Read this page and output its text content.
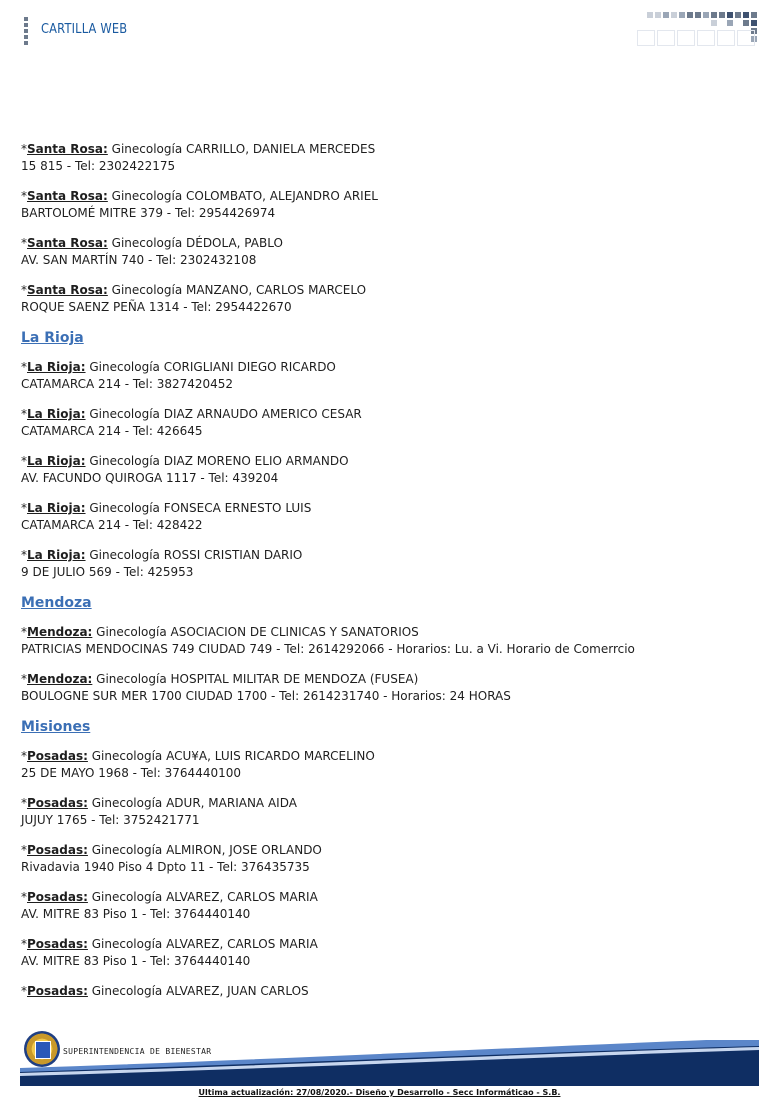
CARTILLA WEB
*Santa Rosa: Ginecología CARRILLO, DANIELA MERCEDES
15 815 - Tel: 2302422175
*Santa Rosa: Ginecología COLOMBATO, ALEJANDRO ARIEL
BARTOLOMÉ MITRE 379 - Tel: 2954426974
*Santa Rosa: Ginecología DÉDOLA, PABLO
AV. SAN MARTÍN 740 - Tel: 2302432108
*Santa Rosa: Ginecología MANZANO, CARLOS MARCELO
ROQUE SAENZ PEÑA 1314 - Tel: 2954422670
La Rioja
*La Rioja: Ginecología CORIGLIANI DIEGO RICARDO
CATAMARCA 214 - Tel: 3827420452
*La Rioja: Ginecología DIAZ ARNAUDO AMERICO CESAR
CATAMARCA 214 - Tel: 426645
*La Rioja: Ginecología DIAZ MORENO ELIO ARMANDO
AV. FACUNDO QUIROGA 1117 - Tel: 439204
*La Rioja: Ginecología FONSECA ERNESTO LUIS
CATAMARCA 214 - Tel: 428422
*La Rioja: Ginecología ROSSI CRISTIAN DARIO
9 DE JULIO 569 - Tel: 425953
Mendoza
*Mendoza: Ginecología ASOCIACION DE CLINICAS Y SANATORIOS
PATRICIAS MENDOCINAS 749 CIUDAD 749 - Tel: 2614292066 - Horarios: Lu. a Vi. Horario de Comerrcio
*Mendoza: Ginecología HOSPITAL MILITAR DE MENDOZA (FUSEA)
BOULOGNE SUR MER 1700 CIUDAD 1700 - Tel: 2614231740 - Horarios: 24 HORAS
Misiones
*Posadas: Ginecología ACU¥A, LUIS RICARDO MARCELINO
25 DE MAYO 1968 - Tel: 3764440100
*Posadas: Ginecología ADUR, MARIANA AIDA
JUJUY 1765 - Tel: 3752421771
*Posadas: Ginecología ALMIRON, JOSE ORLANDO
Rivadavia 1940 Piso 4 Dpto 11 - Tel: 376435735
*Posadas: Ginecología ALVAREZ, CARLOS MARIA
AV. MITRE 83 Piso 1 - Tel: 3764440140
*Posadas: Ginecología ALVAREZ, CARLOS MARIA
AV. MITRE 83 Piso 1 - Tel: 3764440140
*Posadas: Ginecología ALVAREZ, JUAN CARLOS
SUPERINTENDENCIA DE BIENESTAR
Ultima actualización: 27/08/2020.- Diseño y Desarrollo - Secc Informáticao - S.B.
